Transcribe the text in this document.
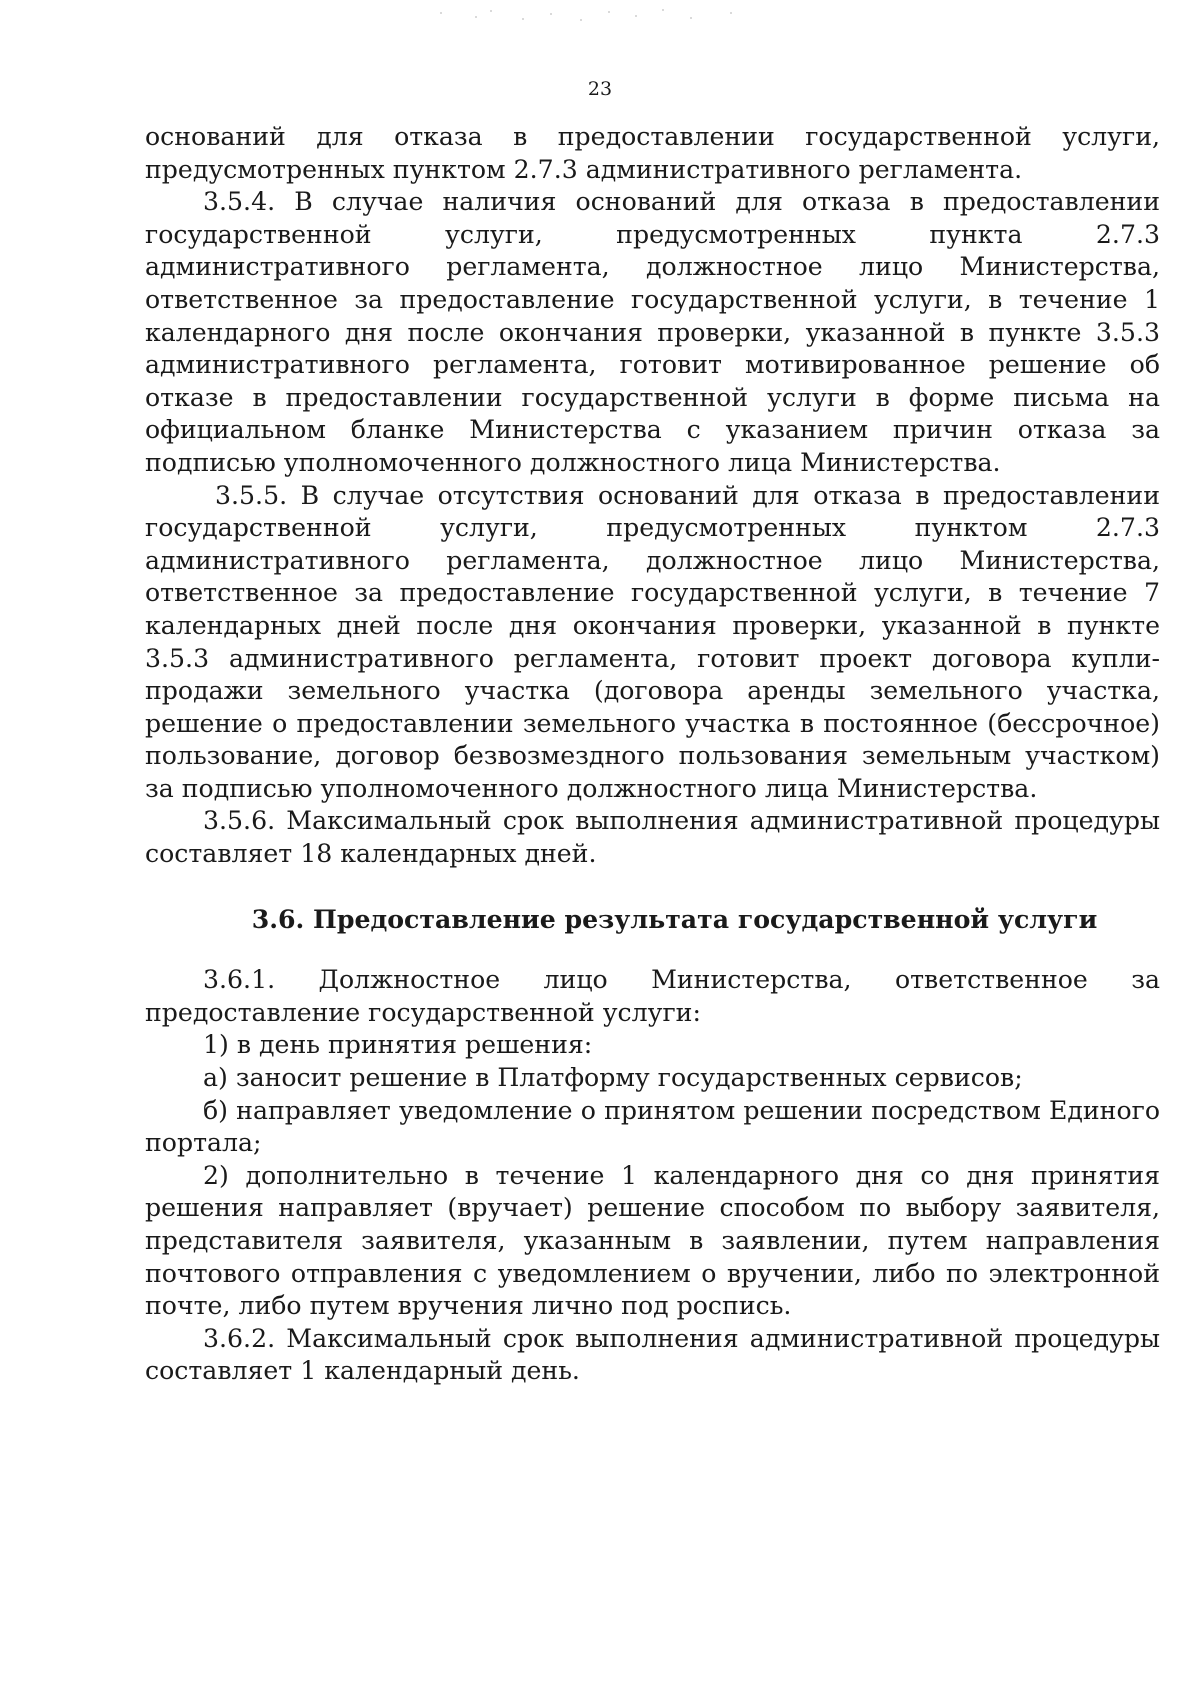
23

оснований для отказа в предоставлении государственной услуги, предусмотренных пунктом 2.7.3 административного регламента.

3.5.4. В случае наличия оснований для отказа в предоставлении государственной услуги, предусмотренных пункта 2.7.3 административного регламента, должностное лицо Министерства, ответственное за предоставление государственной услуги, в течение 1 календарного дня после окончания проверки, указанной в пункте 3.5.3 административного регламента, готовит мотивированное решение об отказе в предоставлении государственной услуги в форме письма на официальном бланке Министерства с указанием причин отказа за подписью уполномоченного должностного лица Министерства.

3.5.5. В случае отсутствия оснований для отказа в предоставлении государственной услуги, предусмотренных пунктом 2.7.3 административного регламента, должностное лицо Министерства, ответственное за предоставление государственной услуги, в течение 7 календарных дней после дня окончания проверки, указанной в пункте 3.5.3 административного регламента, готовит проект договора купли-продажи земельного участка (договора аренды земельного участка, решение о предоставлении земельного участка в постоянное (бессрочное) пользование, договор безвозмездного пользования земельным участком) за подписью уполномоченного должностного лица Министерства.

3.5.6. Максимальный срок выполнения административной процедуры составляет 18 календарных дней.

3.6. Предоставление результата государственной услуги

3.6.1. Должностное лицо Министерства, ответственное за предоставление государственной услуги:

1) в день принятия решения:

а) заносит решение в Платформу государственных сервисов;

б) направляет уведомление о принятом решении посредством Единого портала;

2) дополнительно в течение 1 календарного дня со дня принятия решения направляет (вручает) решение способом по выбору заявителя, представителя заявителя, указанным в заявлении, путем направления почтового отправления с уведомлением о вручении, либо по электронной почте, либо путем вручения лично под роспись.

3.6.2. Максимальный срок выполнения административной процедуры составляет 1 календарный день.
